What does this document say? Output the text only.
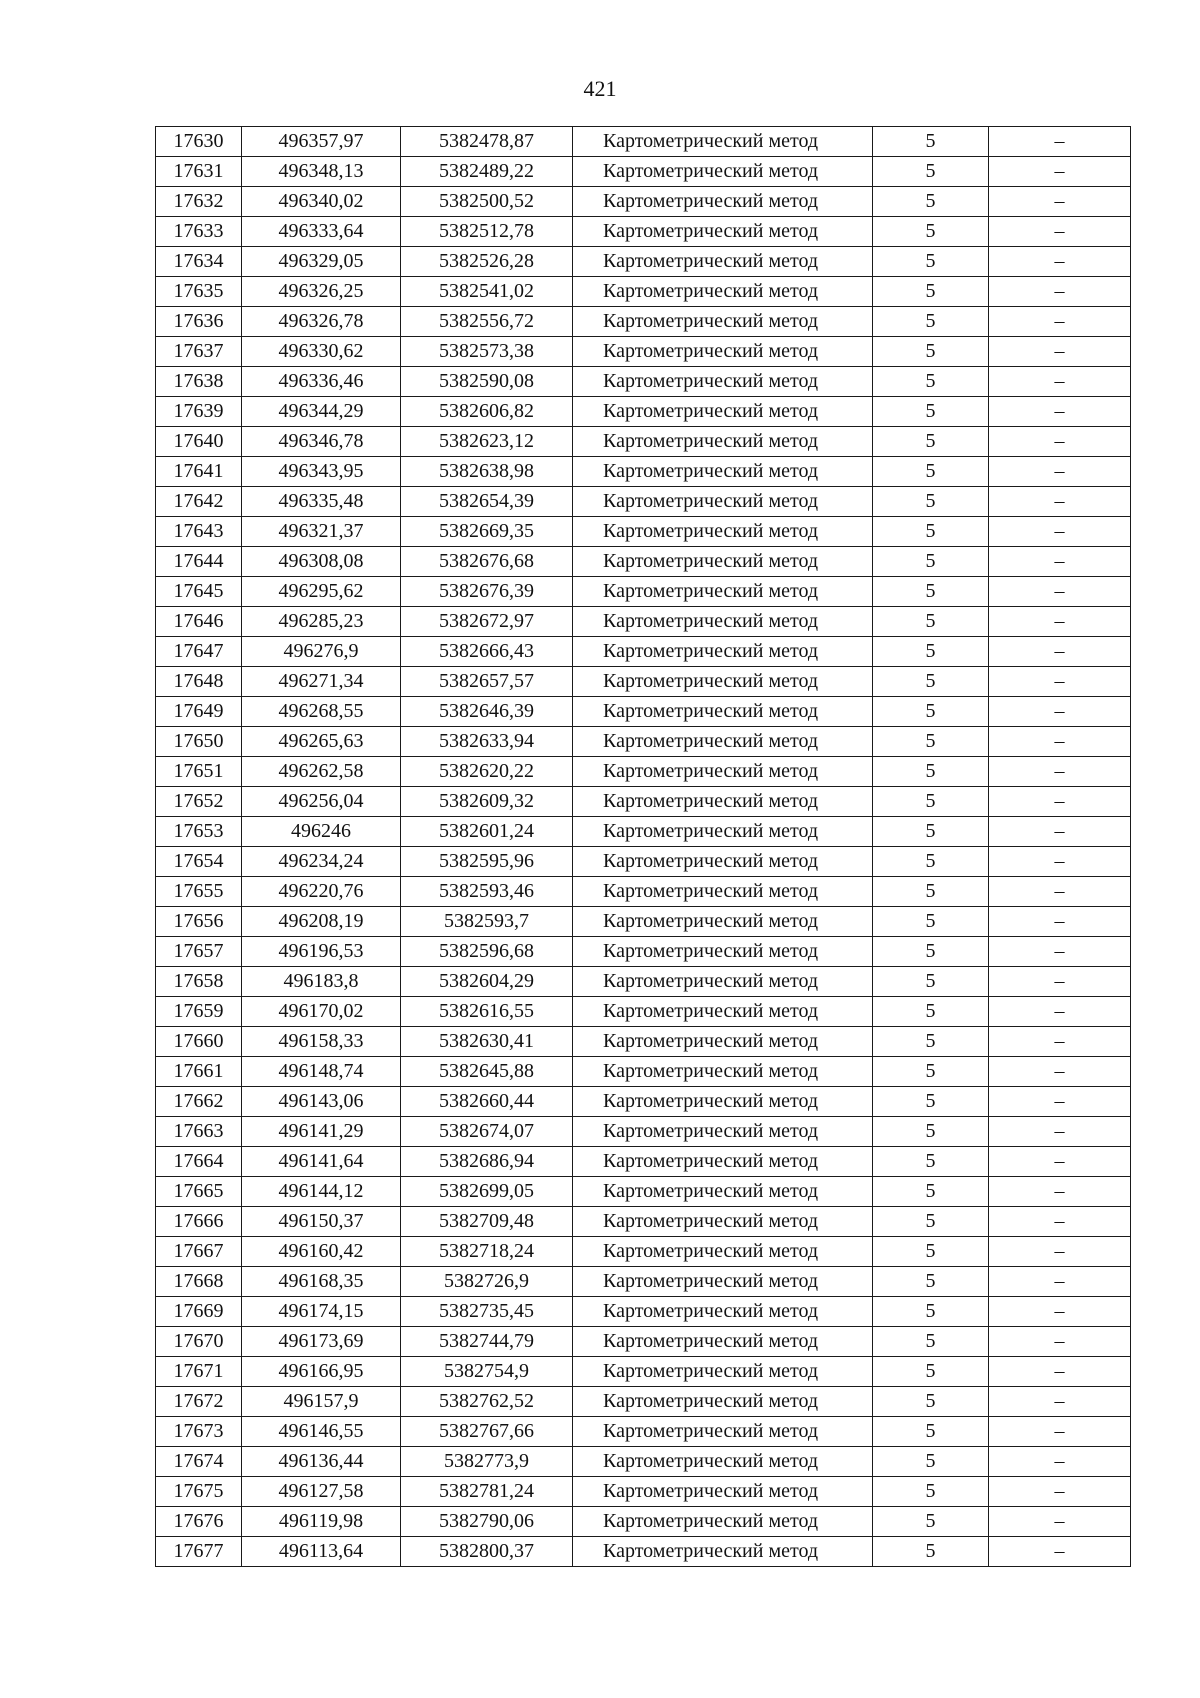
421
17630	496357,97	5382478,87	Картометрический метод	5	–
17631	496348,13	5382489,22	Картометрический метод	5	–
17632	496340,02	5382500,52	Картометрический метод	5	–
17633	496333,64	5382512,78	Картометрический метод	5	–
17634	496329,05	5382526,28	Картометрический метод	5	–
17635	496326,25	5382541,02	Картометрический метод	5	–
17636	496326,78	5382556,72	Картометрический метод	5	–
17637	496330,62	5382573,38	Картометрический метод	5	–
17638	496336,46	5382590,08	Картометрический метод	5	–
17639	496344,29	5382606,82	Картометрический метод	5	–
17640	496346,78	5382623,12	Картометрический метод	5	–
17641	496343,95	5382638,98	Картометрический метод	5	–
17642	496335,48	5382654,39	Картометрический метод	5	–
17643	496321,37	5382669,35	Картометрический метод	5	–
17644	496308,08	5382676,68	Картометрический метод	5	–
17645	496295,62	5382676,39	Картометрический метод	5	–
17646	496285,23	5382672,97	Картометрический метод	5	–
17647	496276,9	5382666,43	Картометрический метод	5	–
17648	496271,34	5382657,57	Картометрический метод	5	–
17649	496268,55	5382646,39	Картометрический метод	5	–
17650	496265,63	5382633,94	Картометрический метод	5	–
17651	496262,58	5382620,22	Картометрический метод	5	–
17652	496256,04	5382609,32	Картометрический метод	5	–
17653	496246	5382601,24	Картометрический метод	5	–
17654	496234,24	5382595,96	Картометрический метод	5	–
17655	496220,76	5382593,46	Картометрический метод	5	–
17656	496208,19	5382593,7	Картометрический метод	5	–
17657	496196,53	5382596,68	Картометрический метод	5	–
17658	496183,8	5382604,29	Картометрический метод	5	–
17659	496170,02	5382616,55	Картометрический метод	5	–
17660	496158,33	5382630,41	Картометрический метод	5	–
17661	496148,74	5382645,88	Картометрический метод	5	–
17662	496143,06	5382660,44	Картометрический метод	5	–
17663	496141,29	5382674,07	Картометрический метод	5	–
17664	496141,64	5382686,94	Картометрический метод	5	–
17665	496144,12	5382699,05	Картометрический метод	5	–
17666	496150,37	5382709,48	Картометрический метод	5	–
17667	496160,42	5382718,24	Картометрический метод	5	–
17668	496168,35	5382726,9	Картометрический метод	5	–
17669	496174,15	5382735,45	Картометрический метод	5	–
17670	496173,69	5382744,79	Картометрический метод	5	–
17671	496166,95	5382754,9	Картометрический метод	5	–
17672	496157,9	5382762,52	Картометрический метод	5	–
17673	496146,55	5382767,66	Картометрический метод	5	–
17674	496136,44	5382773,9	Картометрический метод	5	–
17675	496127,58	5382781,24	Картометрический метод	5	–
17676	496119,98	5382790,06	Картометрический метод	5	–
17677	496113,64	5382800,37	Картометрический метод	5	–
